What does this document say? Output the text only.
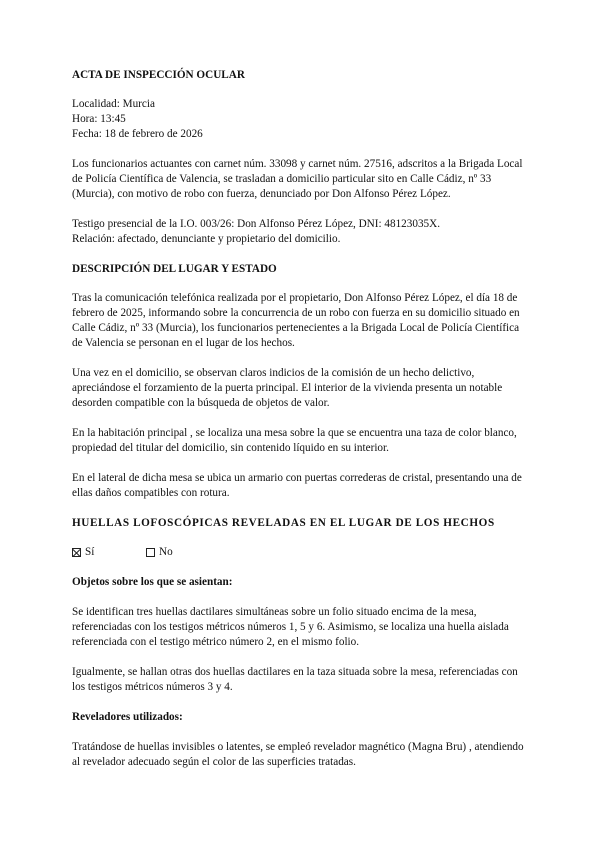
ACTA DE INSPECCIÓN OCULAR
Localidad: Murcia
Hora: 13:45
Fecha: 18 de febrero de 2026

Los funcionarios actuantes con carnet núm. 33098 y carnet núm. 27516, adscritos a la Brigada Local de Policía Científica de Valencia, se trasladan a domicilio particular sito en Calle Cádiz, nº 33 (Murcia), con motivo de robo con fuerza, denunciado por Don Alfonso Pérez López.

Testigo presencial de la I.O. 003/26: Don Alfonso Pérez López, DNI: 48123035X.
Relación: afectado, denunciante y propietario del domicilio.
DESCRIPCIÓN DEL LUGAR Y ESTADO

Tras la comunicación telefónica realizada por el propietario, Don Alfonso Pérez López, el día 18 de febrero de 2025, informando sobre la concurrencia de un robo con fuerza en su domicilio situado en Calle Cádiz, nº 33 (Murcia), los funcionarios pertenecientes a la Brigada Local de Policía Científica de Valencia se personan en el lugar de los hechos.

Una vez en el domicilio, se observan claros indicios de la comisión de un hecho delictivo, apreciándose el forzamiento de la puerta principal. El interior de la vivienda presenta un notable desorden compatible con la búsqueda de objetos de valor.

En la habitación principal , se localiza una mesa sobre la que se encuentra una taza de color blanco, propiedad del titular del domicilio, sin contenido líquido en su interior.

En el lateral de dicha mesa se ubica un armario con puertas correderas de cristal, presentando una de ellas daños compatibles con rotura.

HUELLAS LOFOSCÓPICAS REVELADAS EN EL LUGAR DE LOS HECHOS
Sí	No
Objetos sobre los que se asientan:

Se identifican tres huellas dactilares simultáneas sobre un folio situado encima de la mesa, referenciadas con los testigos métricos números 1, 5 y 6. Asimismo, se localiza una huella aislada referenciada con el testigo métrico número 2, en el mismo folio.

Igualmente, se hallan otras dos huellas dactilares en la taza situada sobre la mesa, referenciadas con los testigos métricos números 3 y 4.

Reveladores utilizados:

Tratándose de huellas invisibles o latentes, se empleó revelador magnético (Magna Bru) , atendiendo al revelador adecuado según el color de las superficies tratadas.
